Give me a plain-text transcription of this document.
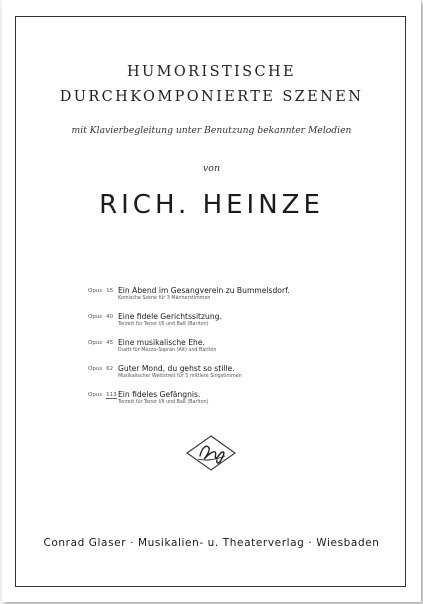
HUMORISTISCHE
DURCHKOMPONIERTE SZENEN
mit Klavierbegleitung unter Benutzung bekannter Melodien
von
RICH. HEINZE
Opus 15 Ein Abend im Gesangverein zu Bummelsdorf.
Komische Szene für 3 Männerstimmen
Opus 40 Eine fidele Gerichtssitzung.
Terzett für Tenor I/II und Baß (Bariton)
Opus 45 Eine musikalische Ehe.
Duett für Mezzo-Sopran (Alt) und Bariton
Opus 62 Guter Mond, du gehst so stille.
Musikalischer Wettstreit für 3 mittlere Singstimmen
Opus 113 Ein fideles Gefängnis.
Terzett für Tenor I/II und Baß (Bariton)
Conrad Glaser · Musikalien- u. Theaterverlag · Wiesbaden
